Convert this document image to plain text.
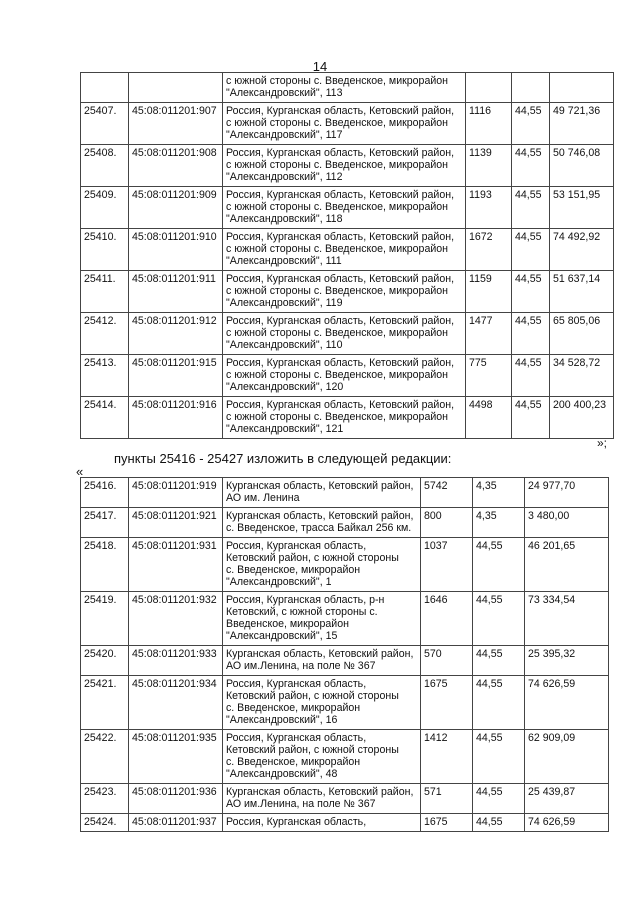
14
		с южной стороны с. Введенское, микрорайон
"Александровский", 113			
25407.	45:08:011201:907	Россия, Курганская область, Кетовский район,
с южной стороны с. Введенское, микрорайон
"Александровский", 117	1116	44,55	49 721,36
25408.	45:08:011201:908	Россия, Курганская область, Кетовский район,
с южной стороны с. Введенское, микрорайон
"Александровский", 112	1139	44,55	50 746,08
25409.	45:08:011201:909	Россия, Курганская область, Кетовский район,
с южной стороны с. Введенское, микрорайон
"Александровский", 118	1193	44,55	53 151,95
25410.	45:08:011201:910	Россия, Курганская область, Кетовский район,
с южной стороны с. Введенское, микрорайон
"Александровский", 111	1672	44,55	74 492,92
25411.	45:08:011201:911	Россия, Курганская область, Кетовский район,
с южной стороны с. Введенское, микрорайон
"Александровский", 119	1159	44,55	51 637,14
25412.	45:08:011201:912	Россия, Курганская область, Кетовский район,
с южной стороны с. Введенское, микрорайон
"Александровский", 110	1477	44,55	65 805,06
25413.	45:08:011201:915	Россия, Курганская область, Кетовский район,
с южной стороны с. Введенское, микрорайон
"Александровский", 120	775	44,55	34 528,72
25414.	45:08:011201:916	Россия, Курганская область, Кетовский район,
с южной стороны с. Введенское, микрорайон
"Александровский", 121	4498	44,55	200 400,23
»;
пункты 25416 - 25427 изложить в следующей редакции:
«
25416.	45:08:011201:919	Курганская область, Кетовский район,
АО им. Ленина	5742	4,35	24 977,70
25417.	45:08:011201:921	Курганская область, Кетовский район,
с. Введенское, трасса Байкал 256 км.	800	4,35	3 480,00
25418.	45:08:011201:931	Россия, Курганская область,
Кетовский район, с южной стороны
с. Введенское, микрорайон
"Александровский", 1	1037	44,55	46 201,65
25419.	45:08:011201:932	Россия, Курганская область, р-н
Кетовский, с южной стороны с.
Введенское, микрорайон
"Александровский", 15	1646	44,55	73 334,54
25420.	45:08:011201:933	Курганская область, Кетовский район,
АО им.Ленина, на поле № 367	570	44,55	25 395,32
25421.	45:08:011201:934	Россия, Курганская область,
Кетовский район, с южной стороны
с. Введенское, микрорайон
"Александровский", 16	1675	44,55	74 626,59
25422.	45:08:011201:935	Россия, Курганская область,
Кетовский район, с южной стороны
с. Введенское, микрорайон
"Александровский", 48	1412	44,55	62 909,09
25423.	45:08:011201:936	Курганская область, Кетовский район,
АО им.Ленина, на поле № 367	571	44,55	25 439,87
25424.	45:08:011201:937	Россия, Курганская область,	1675	44,55	74 626,59
